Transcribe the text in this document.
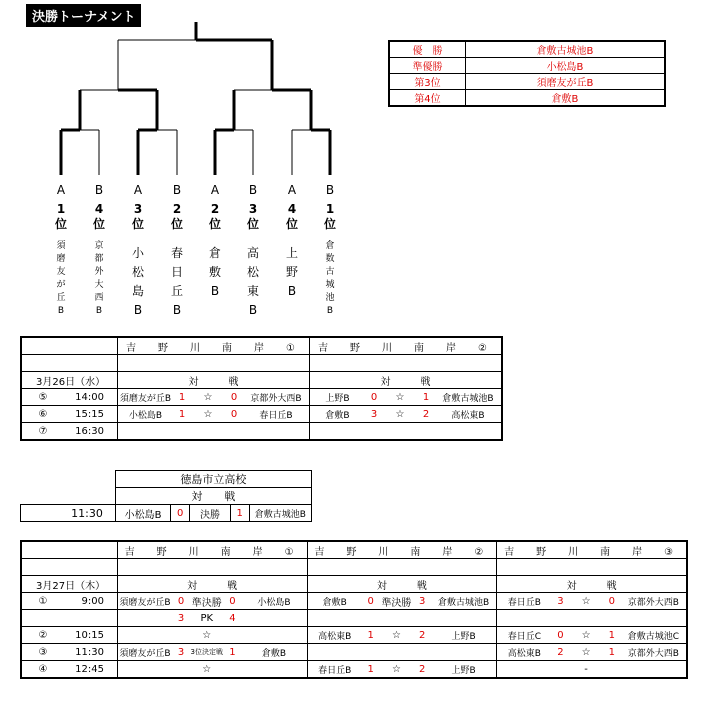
決勝トーナメント
優　勝	倉敷古城池B
準優勝	小松島B
第3位	須磨友が丘B
第4位	倉敷B
A
1
位
須
磨
友
が
丘
B
B
4
位
京
都
外
大
西
B
A
3
位
小
松
島
B
B
2
位
春
日
丘
B
A
2
位
倉
敷
B
B
3
位
高
松
東
B
A
4
位
上
野
B
B
1
位
倉
数
古
城
池
B
	吉　野　川　南　岸　①					吉　野　川　南　岸　②				

3月26日（水）	対　　　戦					対　　　戦				
⑤ 14:00	須磨友が丘B	1	☆	0	京都外大西B	上野B	0	☆	1	倉敷古城池B
⑥ 15:15	小松島B	1	☆	0	春日丘B	倉敷B	3	☆	2	高松東B
⑦ 16:30										
	徳島市立高校				
	対　　戦				
11:30	小松島B	0	決勝	1	倉敷古城池B
	吉　野　川　南　岸　①					吉　野　川　南　岸　②					吉　野　川　南　岸　③				

3月27日（木）	対　　　戦					対　　　戦					対　　　戦				
① 9:00	須磨友が丘B	0	準決勝	0	小松島B	倉敷B	0	準決勝	3	倉敷古城池B	春日丘B	3	☆	0	京都外大西B
		3	PK	4											
② 10:15			☆			高松東B	1	☆	2	上野B	春日丘C	0	☆	1	倉敷古城池C
③ 11:30	須磨友が丘B	3	3位決定戦	1	倉敷B						高松東B	2	☆	1	京都外大西B
④ 12:45			☆			春日丘B	1	☆	2	上野B			-		
